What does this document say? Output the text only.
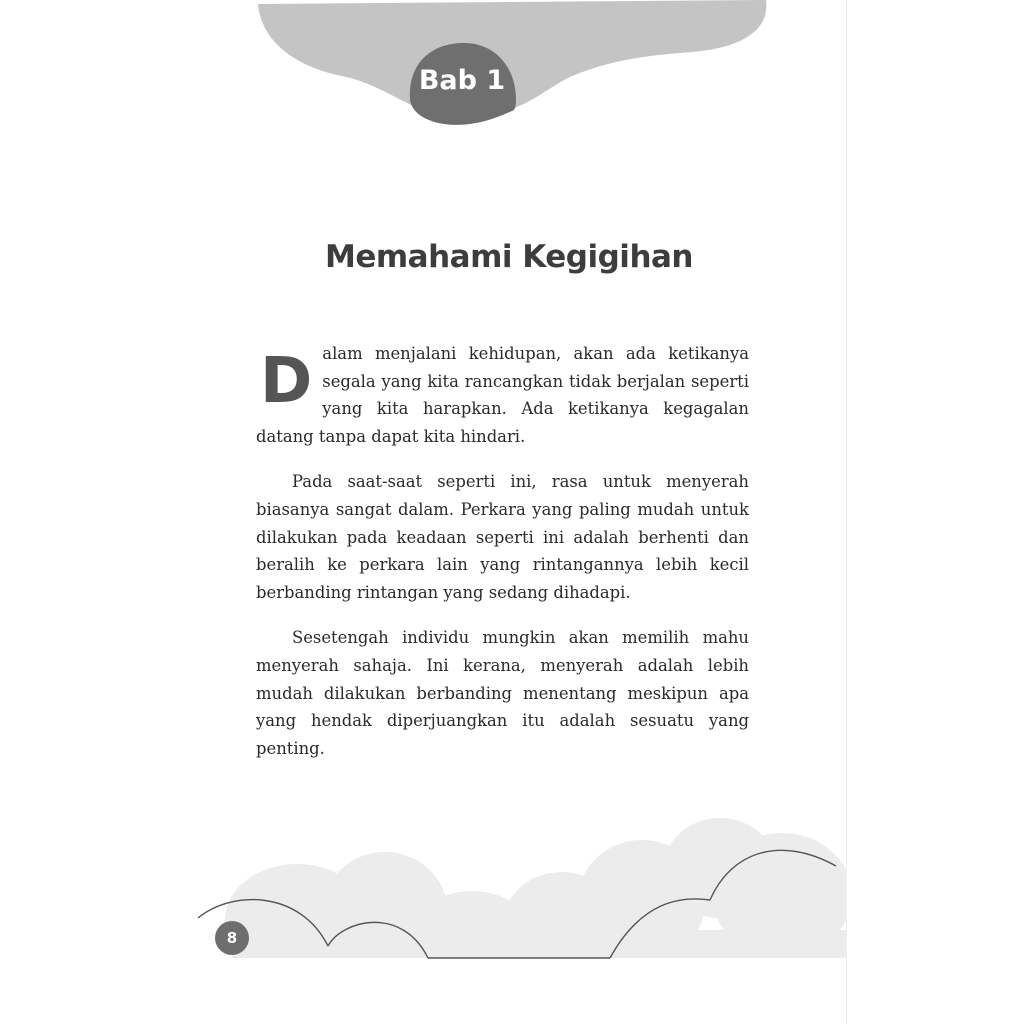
Bab 1
Memahami Kegigihan

Dalam menjalani kehidupan, akan ada ketikanya segala yang kita rancangkan tidak berjalan seperti yang kita harapkan. Ada ketikanya kegagalan datang tanpa dapat kita hindari.

Pada saat-saat seperti ini, rasa untuk menyerah biasanya sangat dalam. Perkara yang paling mudah untuk dilakukan pada keadaan seperti ini adalah berhenti dan beralih ke perkara lain yang rintangannya lebih kecil berbanding rintangan yang sedang dihadapi.

Sesetengah individu mungkin akan memilih mahu menyerah sahaja. Ini kerana, menyerah adalah lebih mudah dilakukan berbanding menentang meskipun apa yang hendak diperjuangkan itu adalah sesuatu yang penting.

8
